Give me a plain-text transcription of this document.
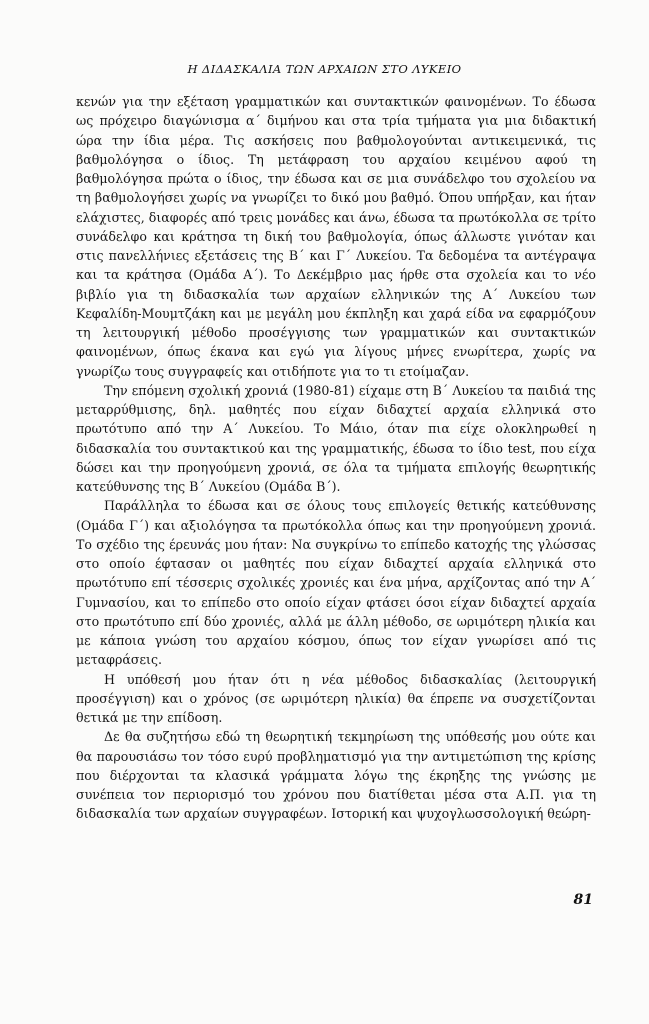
Η ΔΙΔΑΣΚΑΛΙΑ ΤΩΝ ΑΡΧΑΙΩΝ ΣΤΟ ΛΥΚΕΙΟ

κενών για την εξέταση γραμματικών και συντακτικών φαινομένων. Το έδωσα ως πρόχειρο διαγώνισμα α΄ διμήνου και στα τρία τμήματα για μια διδακτική ώρα την ίδια μέρα. Τις ασκήσεις που βαθμολογούνται αντικειμενικά, τις βαθμολόγησα ο ίδιος. Τη μετάφραση του αρχαίου κειμένου αφού τη βαθμολόγησα πρώτα ο ίδιος, την έδωσα και σε μια συνάδελφο του σχολείου να τη βαθμολογήσει χωρίς να γνωρίζει το δικό μου βαθμό. Όπου υπήρξαν, και ήταν ελάχιστες, διαφορές από τρεις μονάδες και άνω, έδωσα τα πρωτόκολλα σε τρίτο συνάδελφο και κράτησα τη δική του βαθμολογία, όπως άλλωστε γινόταν και στις πανελλήνιες εξετάσεις της Β΄ και Γ΄ Λυκείου. Τα δεδομένα τα αντέγραψα και τα κράτησα (Ομάδα Α΄). Το Δεκέμβριο μας ήρθε στα σχολεία και το νέο βιβλίο για τη διδασκαλία των αρχαίων ελληνικών της Α΄ Λυκείου των Κεφαλίδη-Μουμτζάκη και με μεγάλη μου έκπληξη και χαρά είδα να εφαρμόζουν τη λειτουργική μέθοδο προσέγγισης των γραμματικών και συντακτικών φαινομένων, όπως έκανα και εγώ για λίγους μήνες ενωρίτερα, χωρίς να γνωρίζω τους συγγραφείς και οτιδήποτε για το τι ετοίμαζαν.

Την επόμενη σχολική χρονιά (1980-81) είχαμε στη Β΄ Λυκείου τα παιδιά της μεταρρύθμισης, δηλ. μαθητές που είχαν διδαχτεί αρχαία ελληνικά στο πρωτότυπο από την Α΄ Λυκείου. Το Μάιο, όταν πια είχε ολοκληρωθεί η διδασκαλία του συντακτικού και της γραμματικής, έδωσα το ίδιο test, που είχα δώσει και την προηγούμενη χρονιά, σε όλα τα τμήματα επιλογής θεωρητικής κατεύθυνσης της Β΄ Λυκείου (Ομάδα Β΄).

Παράλληλα το έδωσα και σε όλους τους επιλογείς θετικής κατεύθυνσης (Ομάδα Γ΄) και αξιολόγησα τα πρωτόκολλα όπως και την προηγούμενη χρονιά. Το σχέδιο της έρευνάς μου ήταν: Να συγκρίνω το επίπεδο κατοχής της γλώσσας στο οποίο έφτασαν οι μαθητές που είχαν διδαχτεί αρχαία ελληνικά στο πρωτότυπο επί τέσσερις σχολικές χρονιές και ένα μήνα, αρχίζοντας από την Α΄ Γυμνασίου, και το επίπεδο στο οποίο είχαν φτάσει όσοι είχαν διδαχτεί αρχαία στο πρωτότυπο επί δύο χρονιές, αλλά με άλλη μέθοδο, σε ωριμότερη ηλικία και με κάποια γνώση του αρχαίου κόσμου, όπως τον είχαν γνωρίσει από τις μεταφράσεις.

Η υπόθεσή μου ήταν ότι η νέα μέθοδος διδασκαλίας (λειτουργική προσέγγιση) και ο χρόνος (σε ωριμότερη ηλικία) θα έπρεπε να συσχετίζονται θετικά με την επίδοση.

Δε θα συζητήσω εδώ τη θεωρητική τεκμηρίωση της υπόθεσής μου ούτε και θα παρουσιάσω τον τόσο ευρύ προβληματισμό για την αντιμετώπιση της κρίσης που διέρχονται τα κλασικά γράμματα λόγω της έκρηξης της γνώσης με συνέπεια τον περιορισμό του χρόνου που διατίθεται μέσα στα Α.Π. για τη διδασκαλία των αρχαίων συγγραφέων. Ιστορική και ψυχογλωσσολογική θεώρη-

81
